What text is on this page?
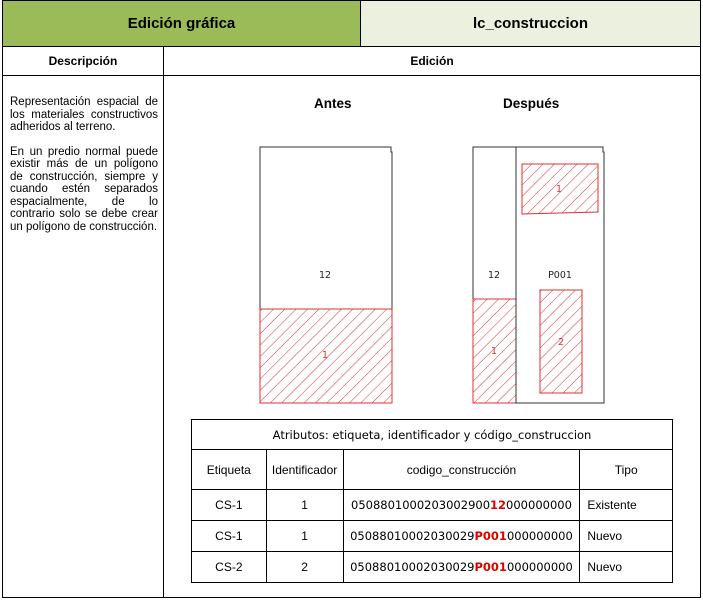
Edición gráfica	lc_construccion
Descripción	Edición

Representación espacial de los materiales constructivos adheridos al terreno.

En un predio normal puede existir más de un polígono de construcción, siempre y cuando estén separados espacialmente, de lo contrario solo se debe crear un polígono de construcción.

Antes	Después
12
1
12
1
P001
1
2
Atributos: etiqueta, identificador y código_construccion			
Etiqueta	Identificador	codigo_construcción	Tipo
CS-1	1	050880100020300290012000000000	Existente
CS-1	1	05088010002030029P001000000000	Nuevo
CS-2	2	05088010002030029P001000000000	Nuevo
